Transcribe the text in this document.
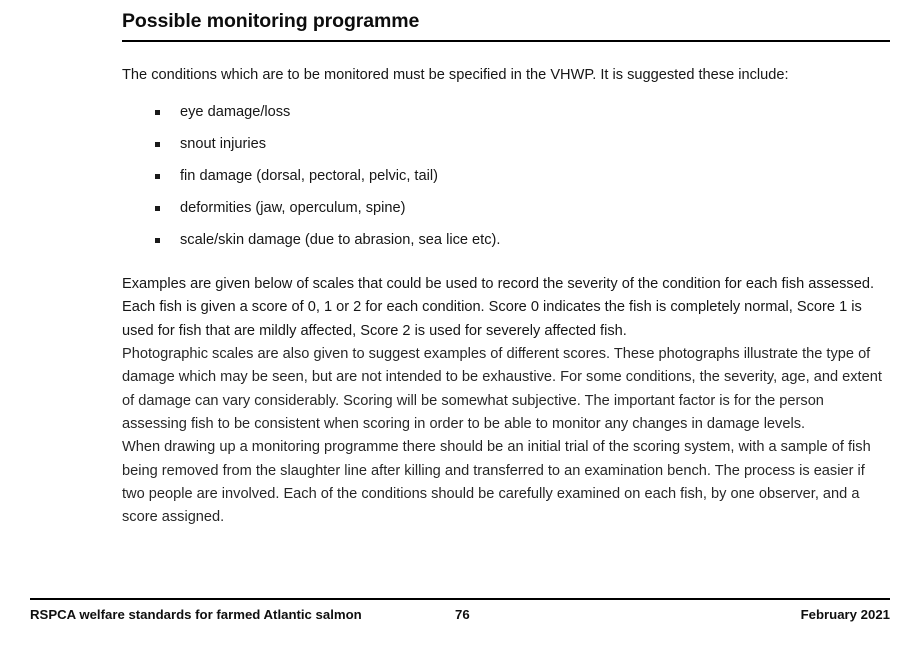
Possible monitoring programme

The conditions which are to be monitored must be specified in the VHWP. It is suggested these include:

eye damage/loss
snout injuries
fin damage (dorsal, pectoral, pelvic, tail)
deformities (jaw, operculum, spine)
scale/skin damage (due to abrasion, sea lice etc).

Examples are given below of scales that could be used to record the severity of the condition for each fish assessed. Each fish is given a score of 0, 1 or 2 for each condition. Score 0 indicates the fish is completely normal, Score 1 is used for fish that are mildly affected, Score 2 is used for severely affected fish.

Photographic scales are also given to suggest examples of different scores. These photographs illustrate the type of damage which may be seen, but are not intended to be exhaustive. For some conditions, the severity, age, and extent of damage can vary considerably. Scoring will be somewhat subjective. The important factor is for the person assessing fish to be consistent when scoring in order to be able to monitor any changes in damage levels.

When drawing up a monitoring programme there should be an initial trial of the scoring system, with a sample of fish being removed from the slaughter line after killing and transferred to an examination bench. The process is easier if two people are involved. Each of the conditions should be carefully examined on each fish, by one observer, and a score assigned.

RSPCA welfare standards for farmed Atlantic salmon	76	February 2021
